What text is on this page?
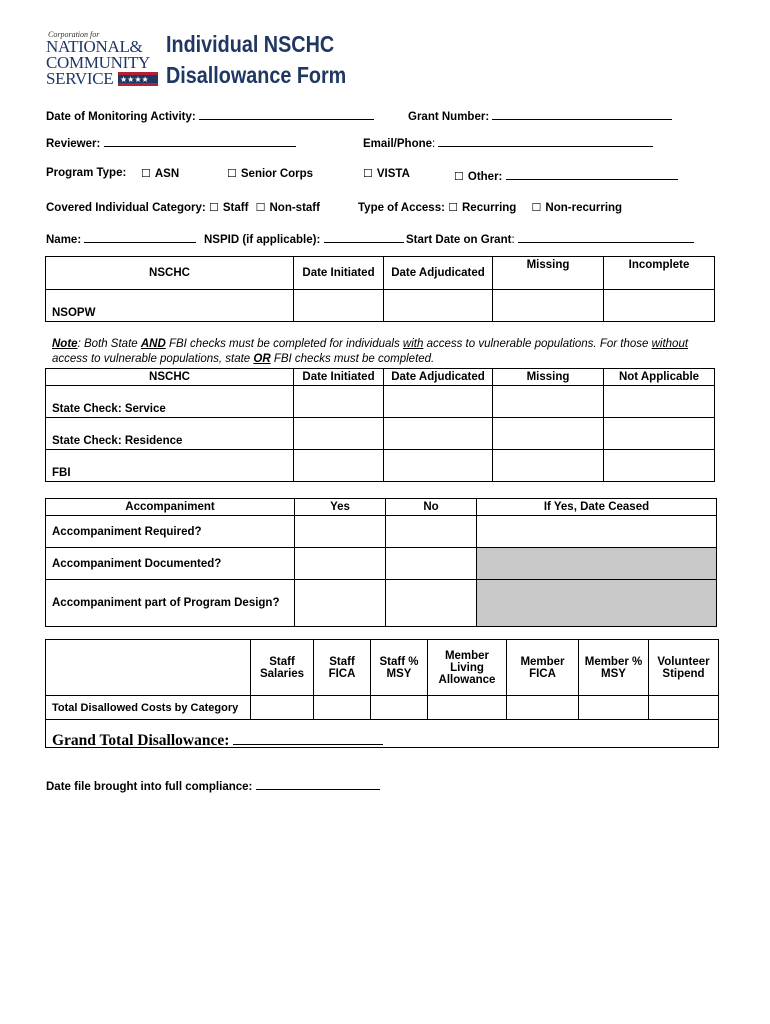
Corporation for
NATIONAL&
COMMUNITY
SERVICE ★★★★
Individual NSCHC
Disallowance Form
Date of Monitoring Activity:	Grant Number:
Reviewer:	Email/Phone:
Program Type: ☐ ASN	☐ Senior Corps	☐ VISTA	☐ Other:
Covered Individual Category: ☐ Staff ☐ Non-staff	Type of Access: ☐ Recurring ☐ Non-recurring
Name:	NSPID (if applicable):	Start Date on Grant:
NSCHC	Date Initiated	Date Adjudicated	Missing	Incomplete
NSOPW				
Note: Both State AND FBI checks must be completed for individuals with access to vulnerable populations. For those without access to vulnerable populations, state OR FBI checks must be completed.
NSCHC	Date Initiated	Date Adjudicated	Missing	Not Applicable
State Check: Service				
State Check: Residence				
FBI				
Accompaniment	Yes	No	If Yes, Date Ceased
Accompaniment Required?			
Accompaniment Documented?			
Accompaniment part of Program Design?			
	Staff Salaries	Staff FICA	Staff % MSY	Member Living Allowance	Member FICA	Member % MSY	Volunteer Stipend
Total Disallowed Costs by Category							

Grand Total Disallowance:
Date file brought into full compliance:
